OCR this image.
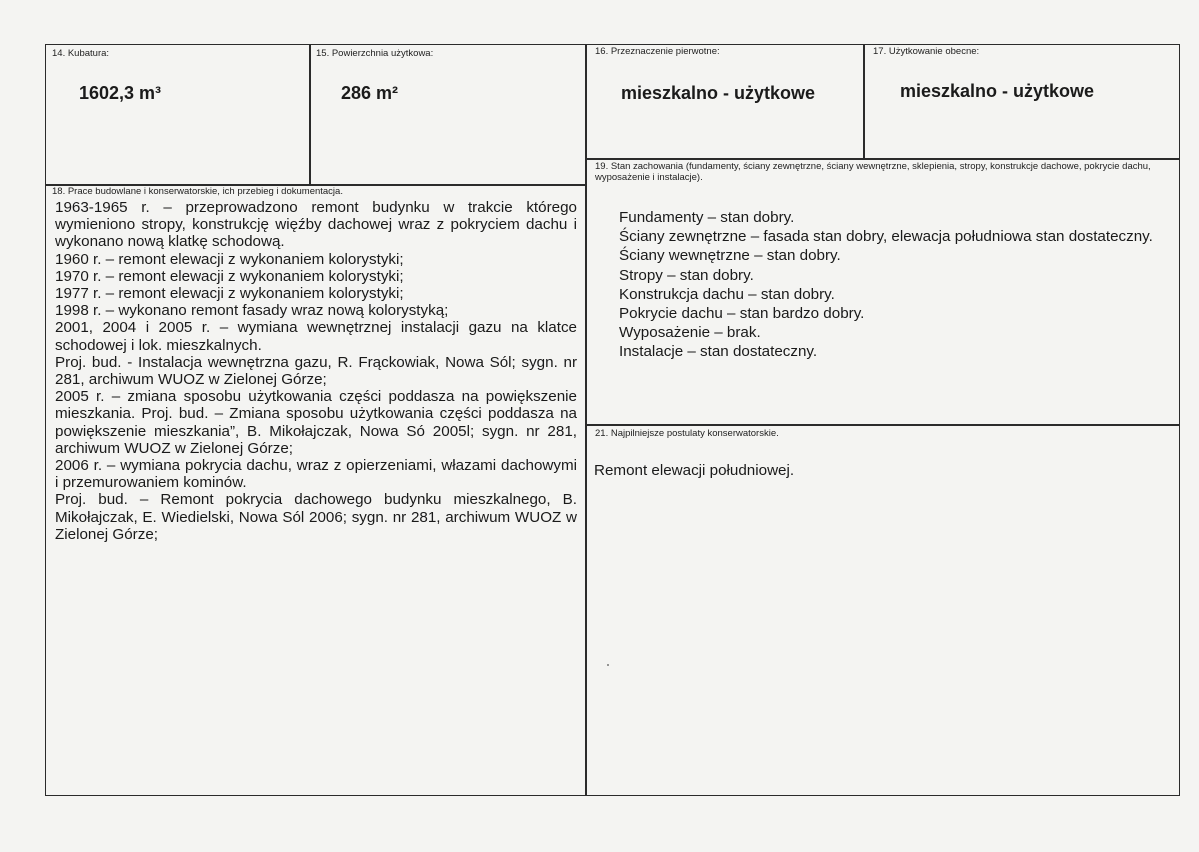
14. Kubatura:
1602,3 m³
15. Powierzchnia użytkowa:
286 m²
16. Przeznaczenie pierwotne:
mieszkalno - użytkowe
17. Użytkowanie obecne:
mieszkalno - użytkowe
18. Prace budowlane i konserwatorskie, ich przebieg i dokumentacja.

1963-1965 r. – przeprowadzono remont budynku w trakcie którego wymieniono stropy, konstrukcję więźby dachowej wraz z pokryciem dachu i wykonano nową klatkę schodową.

1960 r. – remont elewacji z wykonaniem kolorystyki;

1970 r. – remont elewacji z wykonaniem kolorystyki;

1977 r. – remont elewacji z wykonaniem kolorystyki;

1998 r. – wykonano remont fasady wraz nową kolorystyką;

2001, 2004 i 2005 r. – wymiana wewnętrznej instalacji gazu na klatce schodowej i lok. mieszkalnych.

Proj. bud. - Instalacja wewnętrzna gazu, R. Frąckowiak, Nowa Sól; sygn. nr 281, archiwum WUOZ w Zielonej Górze;

2005 r. – zmiana sposobu użytkowania części poddasza na powiększenie mieszkania. Proj. bud. – Zmiana sposobu użytkowania części poddasza na powiększenie mieszkania”, B. Mikołajczak, Nowa Só 2005l; sygn. nr 281, archiwum WUOZ w Zielonej Górze;

2006 r. – wymiana pokrycia dachu, wraz z opierzeniami, włazami dachowymi i przemurowaniem kominów.

Proj. bud. – Remont pokrycia dachowego budynku mieszkalnego, B. Mikołajczak, E. Wiedielski, Nowa Sól 2006; sygn. nr 281, archiwum WUOZ w Zielonej Górze;

19. Stan zachowania (fundamenty, ściany zewnętrzne, ściany wewnętrzne, sklepienia, stropy, konstrukcje dachowe, pokrycie dachu, wyposażenie i instalacje).

Fundamenty – stan dobry.

Ściany zewnętrzne – fasada stan dobry, elewacja południowa stan dostateczny.

Ściany wewnętrzne – stan dobry.

Stropy – stan dobry.

Konstrukcja dachu – stan dobry.

Pokrycie dachu – stan bardzo dobry.

Wyposażenie – brak.

Instalacje – stan dostateczny.

21. Najpilniejsze postulaty konserwatorskie.
Remont elewacji południowej.
